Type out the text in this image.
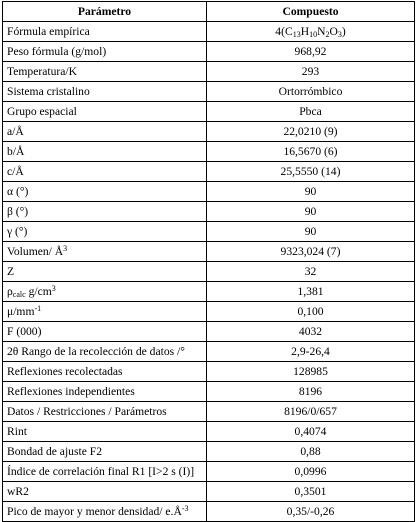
Parámetro	Compuesto
Fórmula empírica	$4(C_{13}H_{10}N_2O_3)$
Peso fórmula (g/mol)	968,92
Temperatura/K	293
Sistema cristalino	Ortorrómbico
Grupo espacial	Pbca
a/Å	22,0210 (9)
b/Å	16,5670 (6)
c/Å	25,5550 (14)
α (°)	90
β (°)	90
γ (°)	90
Volumen/ $Å^3$	9323,024 (7)
Z	32
$\rho_{calc}$ $g/cm^3$	1,381
$\mu/mm^{-1}$	0,100
F (000)	4032
2θ Rango de la recolección de datos /°	2,9-26,4
Reflexiones recolectadas	128985
Reflexiones independientes	8196
Datos / Restricciones / Parámetros	8196/0/657
Rint	0,4074
Bondad de ajuste F2	0,88
Índice de correlación final R1 [I>2 s (I)]	0,0996
wR2	0,3501
Pico de mayor y menor densidad/ $e.Å^{-3}$	0,35/-0,26
